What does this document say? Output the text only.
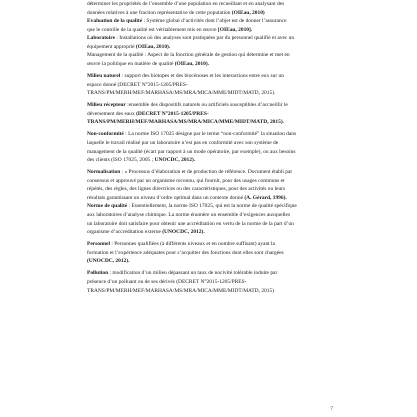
déterminer les propriétés de l’ensemble d’une population en recueillant et en analysant des
données relatives à une fraction représentative de cette population (OIEau, 2010)
Evaluation de la qualité : Système global d’activités dont l’objet est de donner l’assurance
que le contrôle de la qualité est véritablement mis en œuvre [OIEau, 2010].
Laboratoire : Installations où des analyses sont pratiquées par du personnel qualifié et avec un
équipement approprié (OIEau, 2010).
Management de la qualité : Aspect de la fonction générale de gestion qui détermine et met en
œuvre la politique en matière de qualité (OIEau, 2010).
Milieu naturel : support des biotopes et des biocénoses et les interactions entre eux sur un
espace donné (DECRET N°2015-1205/PRES-
TRANS/PM/MERH/MEF/MARHASA/MS/MRA/MICA/MME/MIDT/MATD, 2015).
Milieu récepteur :ensemble des dispositifs naturels ou artificiels susceptibles d’accueillir le
déversement des eaux (DECRET N°2015-1205/PRES-
TRANS/PM/MERH/MEF/MARHASA/MS/MRA/MICA/MME/MIDT/MATD, 2015).
Non-conformité : La norme ISO 17025 désigne par le terme “non-conformité” la situation dans
laquelle le travail réalisé par un laboratoire n’est pas en conformité avec son système de
management de la qualité (écart par rapport à un mode opératoire, par exemple), ou aux besoins
des clients (ISO 17025, 2005 ; UNOCDC, 2012).
Normalisation : « Processus d’élaboration et de production de référence. Document établi par
consensus et approuvé par un organisme reconnu, qui fournit, pour des usages communs et
répétés, des règles, des lignes directrices ou des caractéristiques, pour des activités ou leurs
résultats garantissant un niveau d’ordre optimal dans un contexte donné (A. Gérard, 1996).
Norme de qualité : Essentiellement, la norme ISO 17025, qui est la norme de qualité spécifique
aux laboratoires d’analyse chimique. La norme énumère un ensemble d’exigences auxquelles
un laboratoire doit satisfaire pour obtenir une accréditation en vertu de la norme de la part d’un
organisme d’accréditation externe (UNOCDC, 2012).
Personnel : Personnes qualifiées (à différents niveaux et en nombre suffisant) ayant la
formation et l’expérience adéquates pour s’acquitter des fonctions dont elles sont chargées
(UNOCDC, 2012).
Pollution : modification d’un milieu dépassant un taux de nocivité tolérable induite par
présence d’un polluant ou de ses dérivés (DECRET N°2015-1205/PRES-
TRANS/PM/MERH/MEF/MARHASA/MS/MRA/MICA/MME/MIDT/MATD, 2015)
7
